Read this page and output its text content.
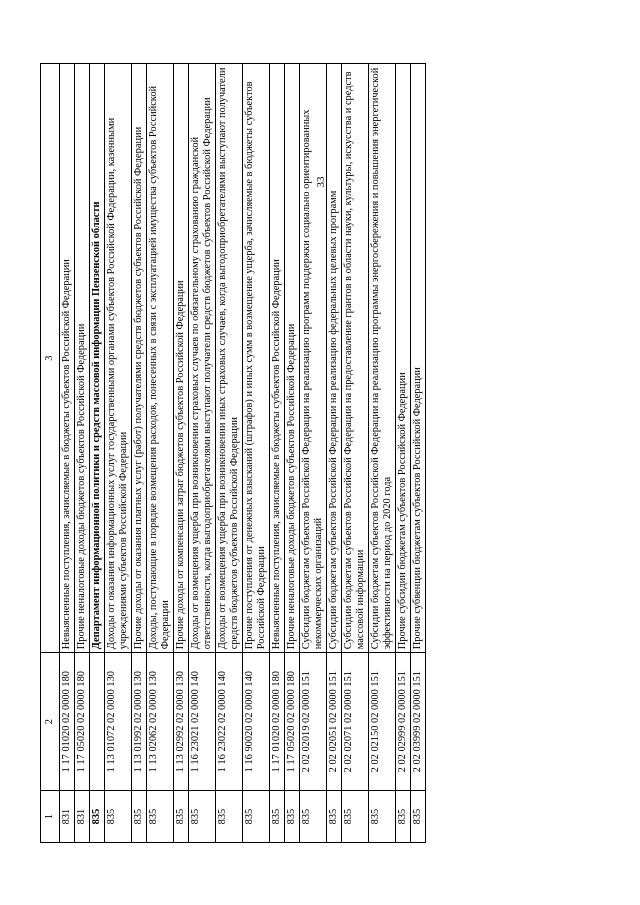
33
1	2	3
831	1 17 01020 02 0000 180	Невыясненные поступления, зачисляемые в бюджеты субъектов Российской Федерации
831	1 17 05020 02 0000 180	Прочие неналоговые доходы бюджетов субъектов Российской Федерации
835		Департамент информационной политики и средств массовой информации Пензенской области
835	1 13 01072 02 0000 130	Доходы от оказания информационных услуг государственными органами субъектов Российской Федерации, казенными учреждениями субъектов Российской Федерации
835	1 13 01992 02 0000 130	Прочие доходы от оказания платных услуг (работ) получателями средств бюджетов субъектов Российской Федерации
835	1 13 02062 02 0000 130	Доходы, поступающие в порядке возмещения расходов, понесенных в связи с эксплуатацией имущества субъектов Российской Федерации
835	1 13 02992 02 0000 130	Прочие доходы от компенсации затрат бюджетов субъектов Российской Федерации
835	1 16 23021 02 0000 140	Доходы от возмещения ущерба при возникновении страховых случаев по обязательному страхованию гражданской ответственности, когда выгодоприобретателями выступают получатели средств бюджетов субъектов Российской Федерации
835	1 16 23022 02 0000 140	Доходы от возмещения ущерба при возникновении иных страховых случаев, когда выгодоприобретателями выступают получатели средств бюджетов субъектов Российской Федерации
835	1 16 90020 02 0000 140	Прочие поступления от денежных взысканий (штрафов) и иных сумм в возмещение ущерба, зачисляемые в бюджеты субъектов Российской Федерации
835	1 17 01020 02 0000 180	Невыясненные поступления, зачисляемые в бюджеты субъектов Российской Федерации
835	1 17 05020 02 0000 180	Прочие неналоговые доходы бюджетов субъектов Российской Федерации
835	2 02 02019 02 0000 151	Субсидии бюджетам субъектов Российской Федерации на реализацию программ поддержки социально ориентированных некоммерческих организаций
835	2 02 02051 02 0000 151	Субсидии бюджетам субъектов Российской Федерации на реализацию федеральных целевых программ
835	2 02 02071 02 0000 151	Субсидии бюджетам субъектов Российской Федерации на предоставление грантов в области науки, культуры, искусства и средств массовой информации
835	2 02 02150 02 0000 151	Субсидии бюджетам субъектов Российской Федерации на реализацию программы энергосбережения и повышения энергетической эффективности на период до 2020 года
835	2 02 02999 02 0000 151	Прочие субсидии бюджетам субъектов Российской Федерации
835	2 02 03999 02 0000 151	Прочие субвенции бюджетам субъектов Российской Федерации
